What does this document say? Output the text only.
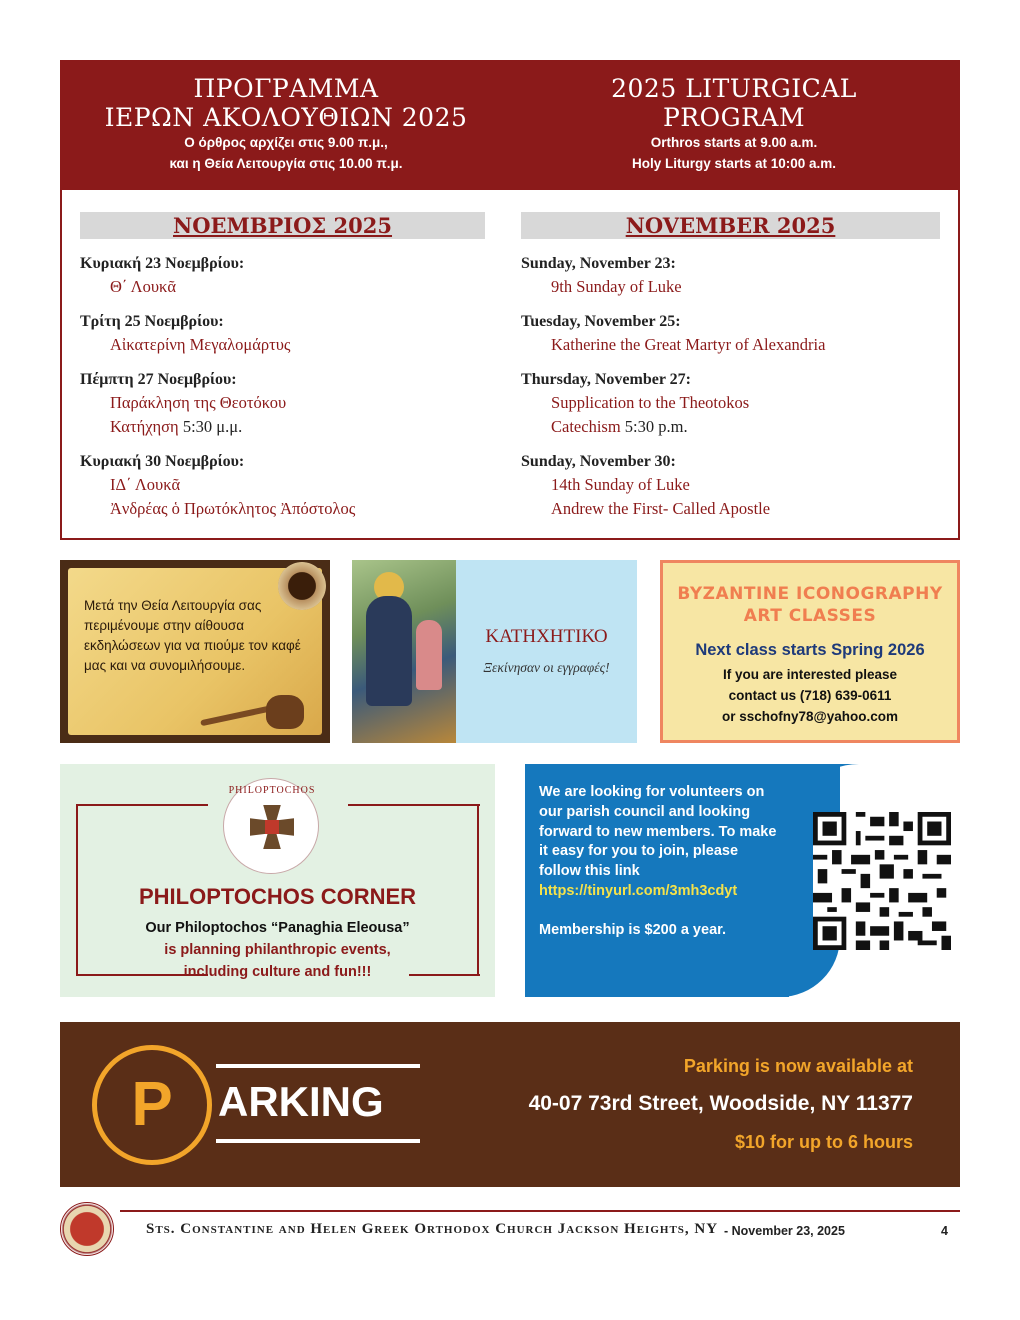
ΠΡΟΓΡΑΜΜΑ
ΙΕΡΩΝ ΑΚΟΛΟΥΘΙΩΝ 2025
Ο όρθρος αρχίζει στις 9.00 π.μ.,
και η Θεία Λειτουργία στις 10.00 π.μ.
2025 LITURGICAL
PROGRAM
Orthros starts at 9.00 a.m.
Holy Liturgy starts at 10:00 a.m.
ΝΟΕΜΒΡΙΟΣ 2025
Κυριακή 23 Νοεμβρίου:
Θ΄ Λουκᾶ
Τρίτη 25 Νοεμβρίου:
Αἰκατερίνη Μεγαλομάρτυς
Πέμπτη 27 Νοεμβρίου:
Παράκληση της Θεοτόκου
Κατήχηση 5:30 μ.μ.
Κυριακή 30 Νοεμβρίου:
ΙΔ΄ Λουκᾶ
Ἀνδρέας ὁ Πρωτόκλητος Ἀπόστολος
NOVEMBER 2025
Sunday, November 23:
9th Sunday of Luke
Tuesday, November 25:
Katherine the Great Martyr of Alexandria
Thursday, November 27:
Supplication to the Theotokos
Catechism 5:30 p.m.
Sunday, November 30:
14th Sunday of Luke
Andrew the First- Called Apostle
Μετά την Θεία Λειτουργία σας περιμένουμε στην αίθουσα εκδηλώσεων για να πιούμε τον καφέ μας και να συνομιλήσουμε.
ΚΑΤΗΧΗΤΙΚΟ
Ξεκίνησαν οι εγγραφές!
BYZANTINE ICONOGRAPHY
ART CLASSES
Next class starts Spring 2026
If you are interested please
contact us (718) 639-0611
or sschofny78@yahoo.com
PHILOPTOCHOS
PHILOPTOCHOS CORNER
Our Philoptochos “Panaghia Eleousa”
is planning philanthropic events,
including culture and fun!!!
We are looking for volunteers on our parish council and looking forward to new members. To make it easy for you to join, please follow this link
https://tinyurl.com/3mh3cdyt
Membership is $200 a year.
P	ARKING
Parking is now available at
40-07 73rd Street, Woodside, NY 11377
$10 for up to 6 hours
Sts. Constantine and Helen Greek Orthodox Church Jackson Heights, NY - November 23, 2025	4
